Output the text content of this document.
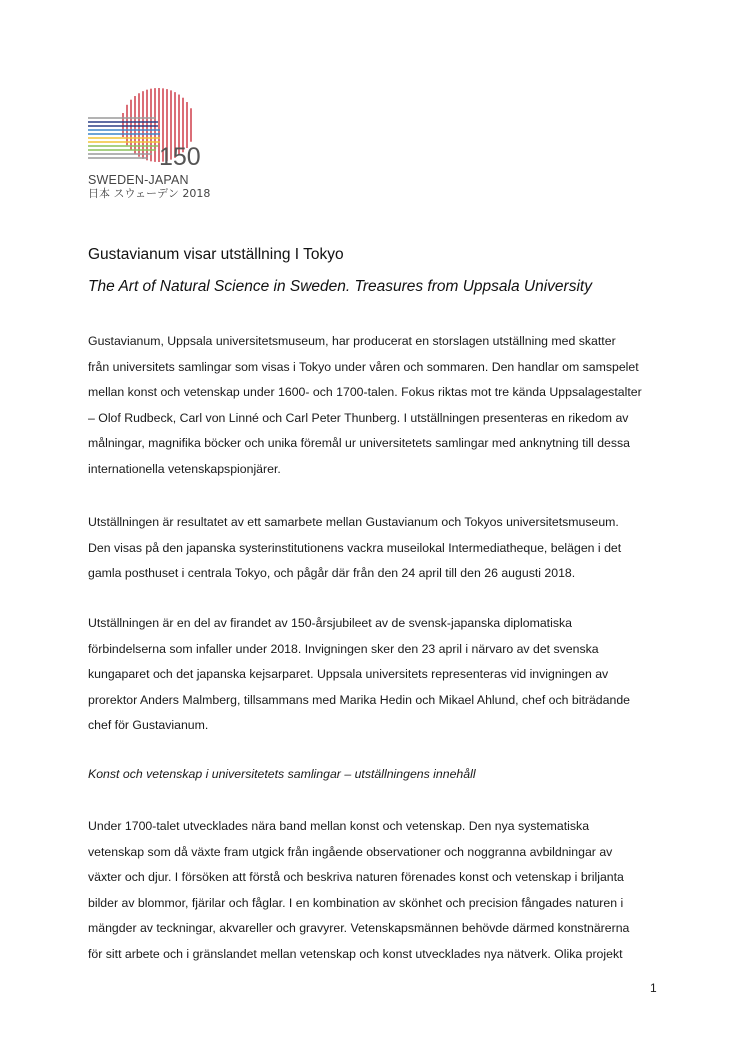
150
SWEDEN-JAPAN
日本 スウェーデン 2018
Gustavianum visar utställning I Tokyo
The Art of Natural Science in Sweden. Treasures from Uppsala University
Gustavianum, Uppsala universitetsmuseum, har producerat en storslagen utställning med skatter
från universitets samlingar som visas i Tokyo under våren och sommaren. Den handlar om samspelet
mellan konst och vetenskap under 1600- och 1700-talen. Fokus riktas mot tre kända Uppsalagestalter
– Olof Rudbeck, Carl von Linné och Carl Peter Thunberg. I utställningen presenteras en rikedom av
målningar, magnifika böcker och unika föremål ur universitetets samlingar med anknytning till dessa
internationella vetenskapspionjärer.
Utställningen är resultatet av ett samarbete mellan Gustavianum och Tokyos universitetsmuseum.
Den visas på den japanska systerinstitutionens vackra museilokal Intermediatheque, belägen i det
gamla posthuset i centrala Tokyo, och pågår där från den 24 april till den 26 augusti 2018.
Utställningen är en del av firandet av 150-årsjubileet av de svensk-japanska diplomatiska
förbindelserna som infaller under 2018. Invigningen sker den 23 april i närvaro av det svenska
kungaparet och det japanska kejsarparet. Uppsala universitets representeras vid invigningen av
prorektor Anders Malmberg, tillsammans med Marika Hedin och Mikael Ahlund, chef och biträdande
chef för Gustavianum.
Konst och vetenskap i universitetets samlingar – utställningens innehåll
Under 1700-talet utvecklades nära band mellan konst och vetenskap. Den nya systematiska
vetenskap som då växte fram utgick från ingående observationer och noggranna avbildningar av
växter och djur. I försöken att förstå och beskriva naturen förenades konst och vetenskap i briljanta
bilder av blommor, fjärilar och fåglar. I en kombination av skönhet och precision fångades naturen i
mängder av teckningar, akvareller och gravyrer. Vetenskapsmännen behövde därmed konstnärerna
för sitt arbete och i gränslandet mellan vetenskap och konst utvecklades nya nätverk. Olika projekt
1
